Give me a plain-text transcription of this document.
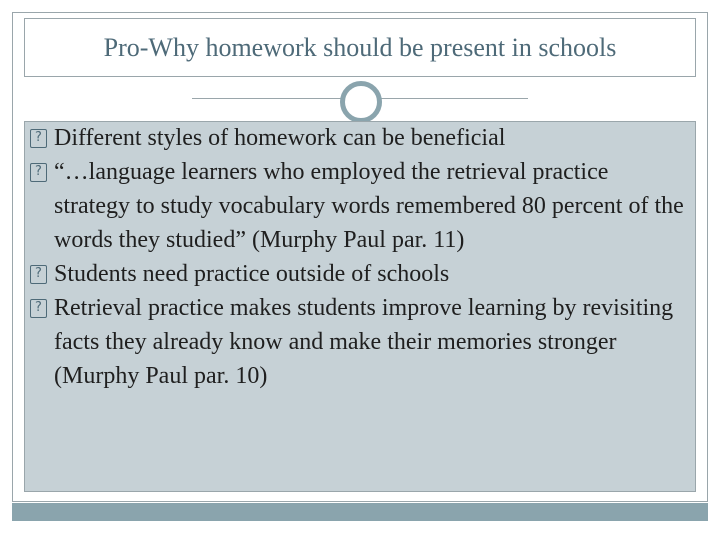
Pro-Why homework should be present in schools
? Different styles of homework can be beneficial
? “…language learners who employed the retrieval practice strategy to study vocabulary words remembered 80 percent of the words they studied” (Murphy Paul par. 11)
? Students need practice outside of schools
? Retrieval practice makes students improve learning by revisiting facts they already know and make their memories stronger (Murphy Paul par. 10)
